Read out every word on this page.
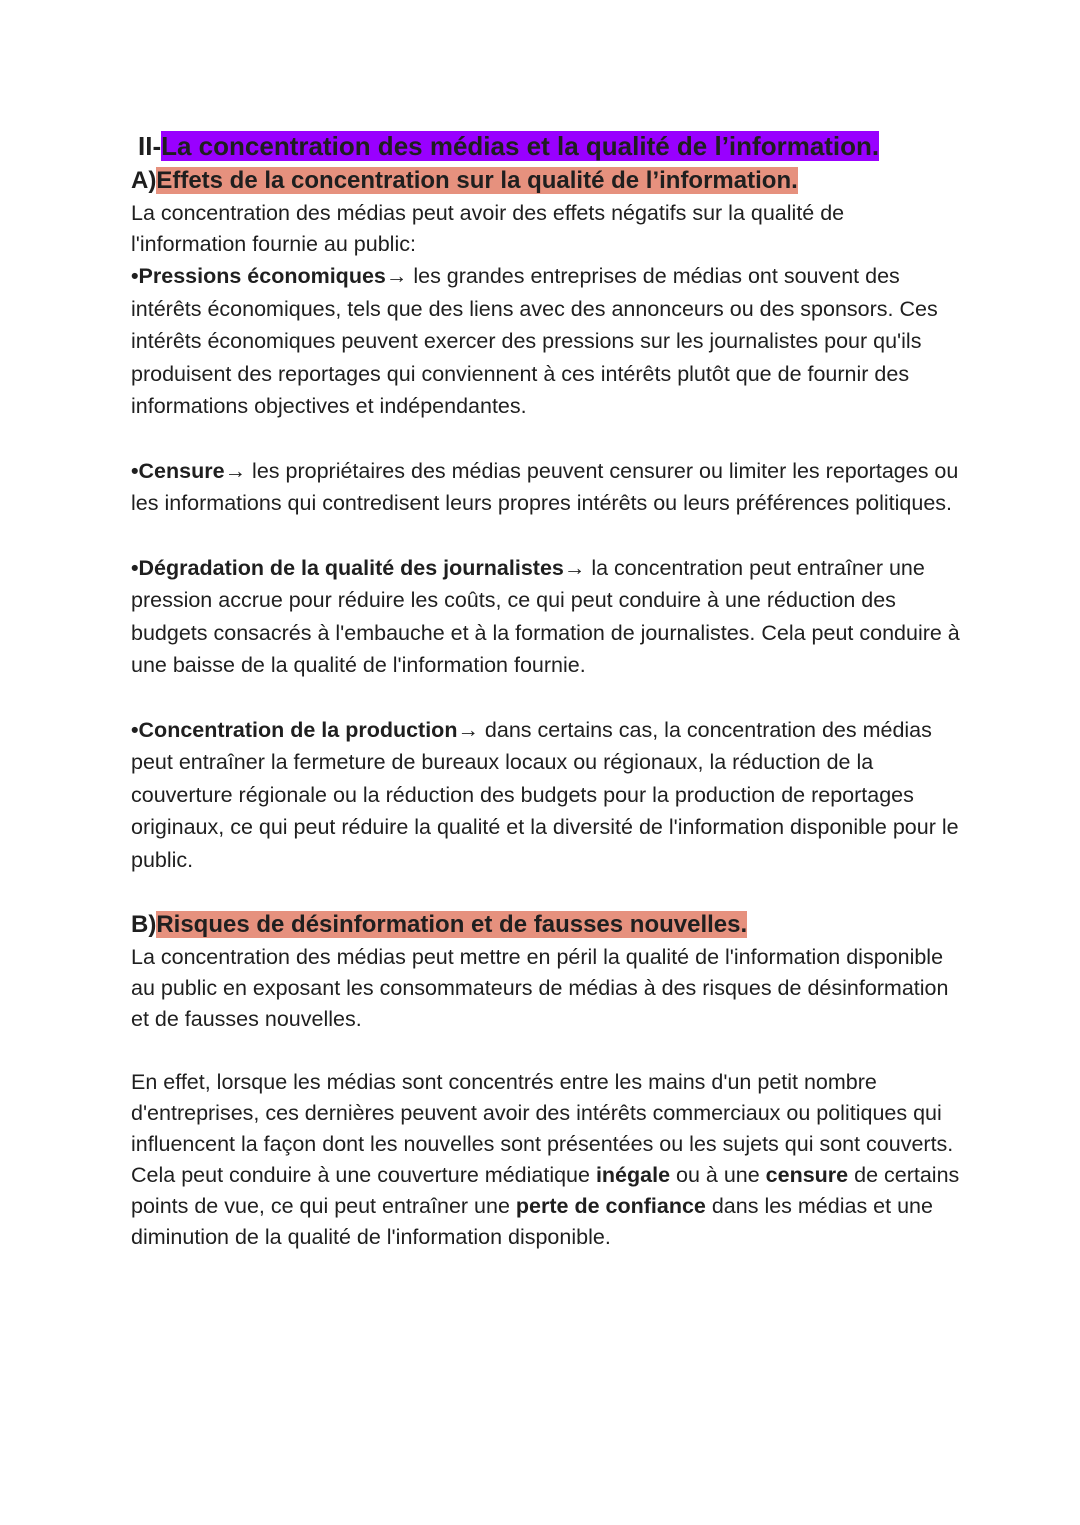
II-La concentration des médias et la qualité de l’information.
A)Effets de la concentration sur la qualité de l’information.

La concentration des médias peut avoir des effets négatifs sur la qualité de l'information fournie au public:

•Pressions économiques→ les grandes entreprises de médias ont souvent des intérêts économiques, tels que des liens avec des annonceurs ou des sponsors. Ces intérêts économiques peuvent exercer des pressions sur les journalistes pour qu'ils produisent des reportages qui conviennent à ces intérêts plutôt que de fournir des informations objectives et indépendantes.

•Censure→ les propriétaires des médias peuvent censurer ou limiter les reportages ou les informations qui contredisent leurs propres intérêts ou leurs préférences politiques.

•Dégradation de la qualité des journalistes→ la concentration peut entraîner une pression accrue pour réduire les coûts, ce qui peut conduire à une réduction des budgets consacrés à l'embauche et à la formation de journalistes. Cela peut conduire à une baisse de la qualité de l'information fournie.

•Concentration de la production→ dans certains cas, la concentration des médias peut entraîner la fermeture de bureaux locaux ou régionaux, la réduction de la couverture régionale ou la réduction des budgets pour la production de reportages originaux, ce qui peut réduire la qualité et la diversité de l'information disponible pour le public.

B)Risques de désinformation et de fausses nouvelles.

La concentration des médias peut mettre en péril la qualité de l'information disponible au public en exposant les consommateurs de médias à des risques de désinformation et de fausses nouvelles.

En effet, lorsque les médias sont concentrés entre les mains d'un petit nombre d'entreprises, ces dernières peuvent avoir des intérêts commerciaux ou politiques qui influencent la façon dont les nouvelles sont présentées ou les sujets qui sont couverts. Cela peut conduire à une couverture médiatique inégale ou à une censure de certains points de vue, ce qui peut entraîner une perte de confiance dans les médias et une diminution de la qualité de l'information disponible.
